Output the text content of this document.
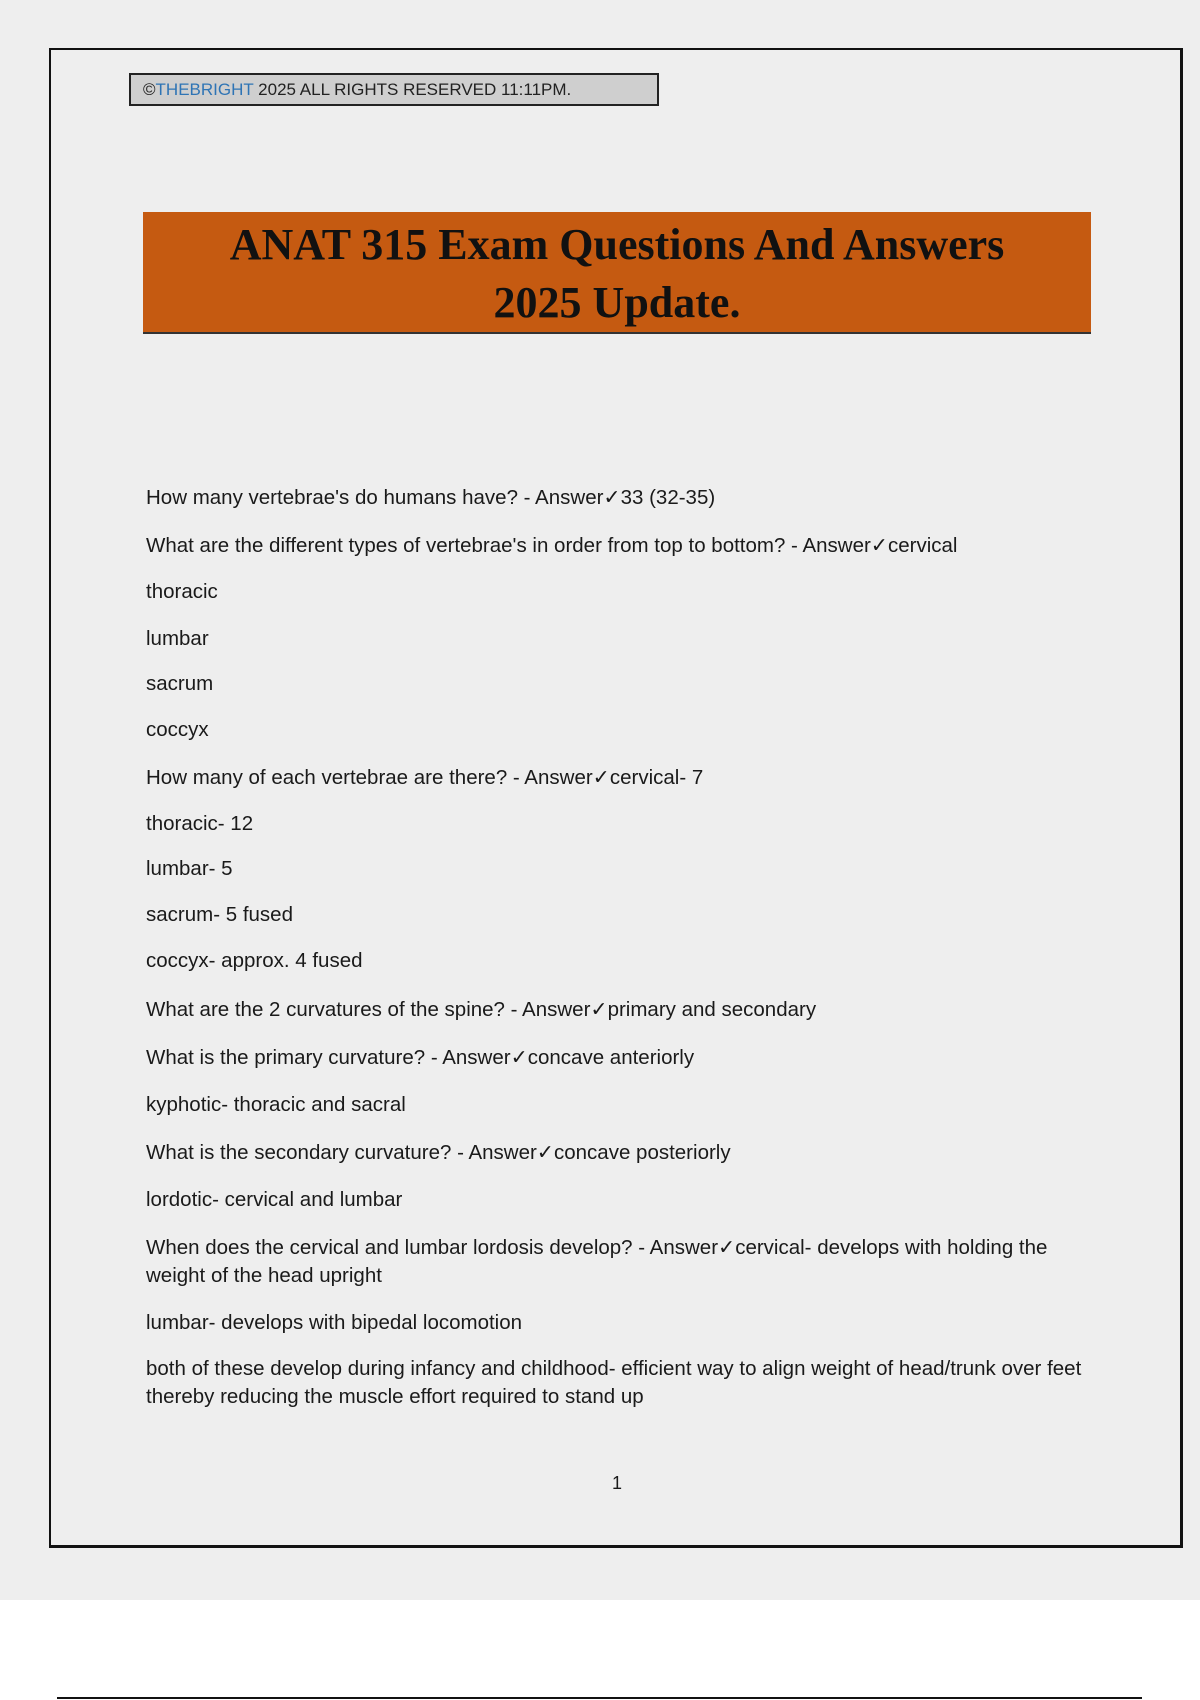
©THEBRIGHT 2025 ALL RIGHTS RESERVED 11:11PM.
ANAT 315 Exam Questions And Answers
2025 Update.
How many vertebrae's do humans have? - Answer✓33 (32-35)
What are the different types of vertebrae's in order from top to bottom? - Answer✓cervical
thoracic
lumbar
sacrum
coccyx
How many of each vertebrae are there? - Answer✓cervical- 7
thoracic- 12
lumbar- 5
sacrum- 5 fused
coccyx- approx. 4 fused
What are the 2 curvatures of the spine? - Answer✓primary and secondary
What is the primary curvature? - Answer✓concave anteriorly
kyphotic- thoracic and sacral
What is the secondary curvature? - Answer✓concave posteriorly
lordotic- cervical and lumbar
When does the cervical and lumbar lordosis develop? - Answer✓cervical- develops with holding the weight of the head upright
lumbar- develops with bipedal locomotion
both of these develop during infancy and childhood- efficient way to align weight of head/trunk over feet thereby reducing the muscle effort required to stand up
1
